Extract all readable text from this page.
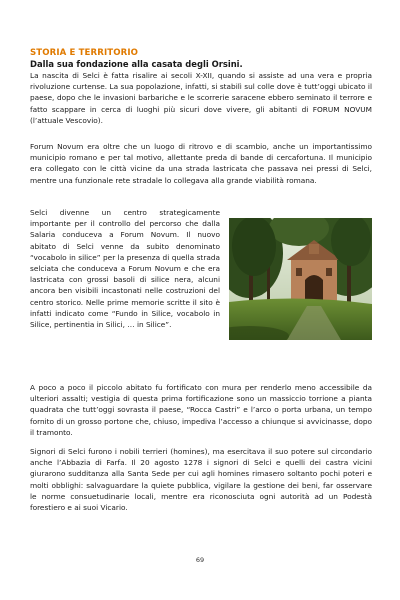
STORIA E TERRITORIO
Dalla sua fondazione alla casata degli Orsini.

La nascita di Selci è fatta risalire ai secoli X-XII, quando si assiste ad una vera e propria rivoluzione curtense. La sua popolazione, infatti, si stabilì sul colle dove è tutt’oggi ubicato il paese, dopo che le invasioni barbariche e le scorrerie saracene ebbero seminato il terrore e fatto scappare in cerca di luoghi più sicuri dove vivere, gli abitanti di FORUM NOVUM (l’attuale Vescovio).

Forum Novum era oltre che un luogo di ritrovo e di scambio, anche un importantissimo municipio romano e per tal motivo, allettante preda di bande di cercafortuna. Il municipio era collegato con le città vicine da una strada lastricata che passava nei pressi di Selci, mentre una funzionale rete stradale lo collegava alla grande viabilità romana.

Selci divenne un centro strategicamente importante per il controllo del percorso che dalla Salaria conduceva a Forum Novum. Il nuovo abitato di Selci venne da subito denominato “vocabolo in silice” per la presenza di quella strada selciata che conduceva a Forum Novum e che era lastricata con grossi basoli di silice nera, alcuni ancora ben visibili incastonati nelle costruzioni del centro storico. Nelle prime memorie scritte il sito è infatti indicato come “Fundo in Silice, vocabolo in Silice, pertinentia in Silici, … in Silice”.

A poco a poco il piccolo abitato fu fortificato con mura per renderlo meno accessibile da ulteriori assalti; vestigia di questa prima fortificazione sono un massiccio torrione a pianta quadrata che tutt’oggi sovrasta il paese, “Rocca Castri” e l’arco o porta urbana, un tempo fornito di un grosso portone che, chiuso, impediva l’accesso a chiunque si avvicinasse, dopo il tramonto.

Signori di Selci furono i nobili terrieri (homines), ma esercitava il suo potere sul circondario anche l’Abbazia di Farfa. Il 20 agosto 1278 i signori di Selci e quelli dei castra vicini giurarono sudditanza alla Santa Sede per cui agli homines rimasero soltanto pochi poteri e molti obblighi: salvaguardare la quiete pubblica, vigilare la gestione dei beni, far osservare le norme consuetudinarie locali, mentre era riconosciuta ogni autorità ad un Podestà forestiero e ai suoi Vicario.

69
